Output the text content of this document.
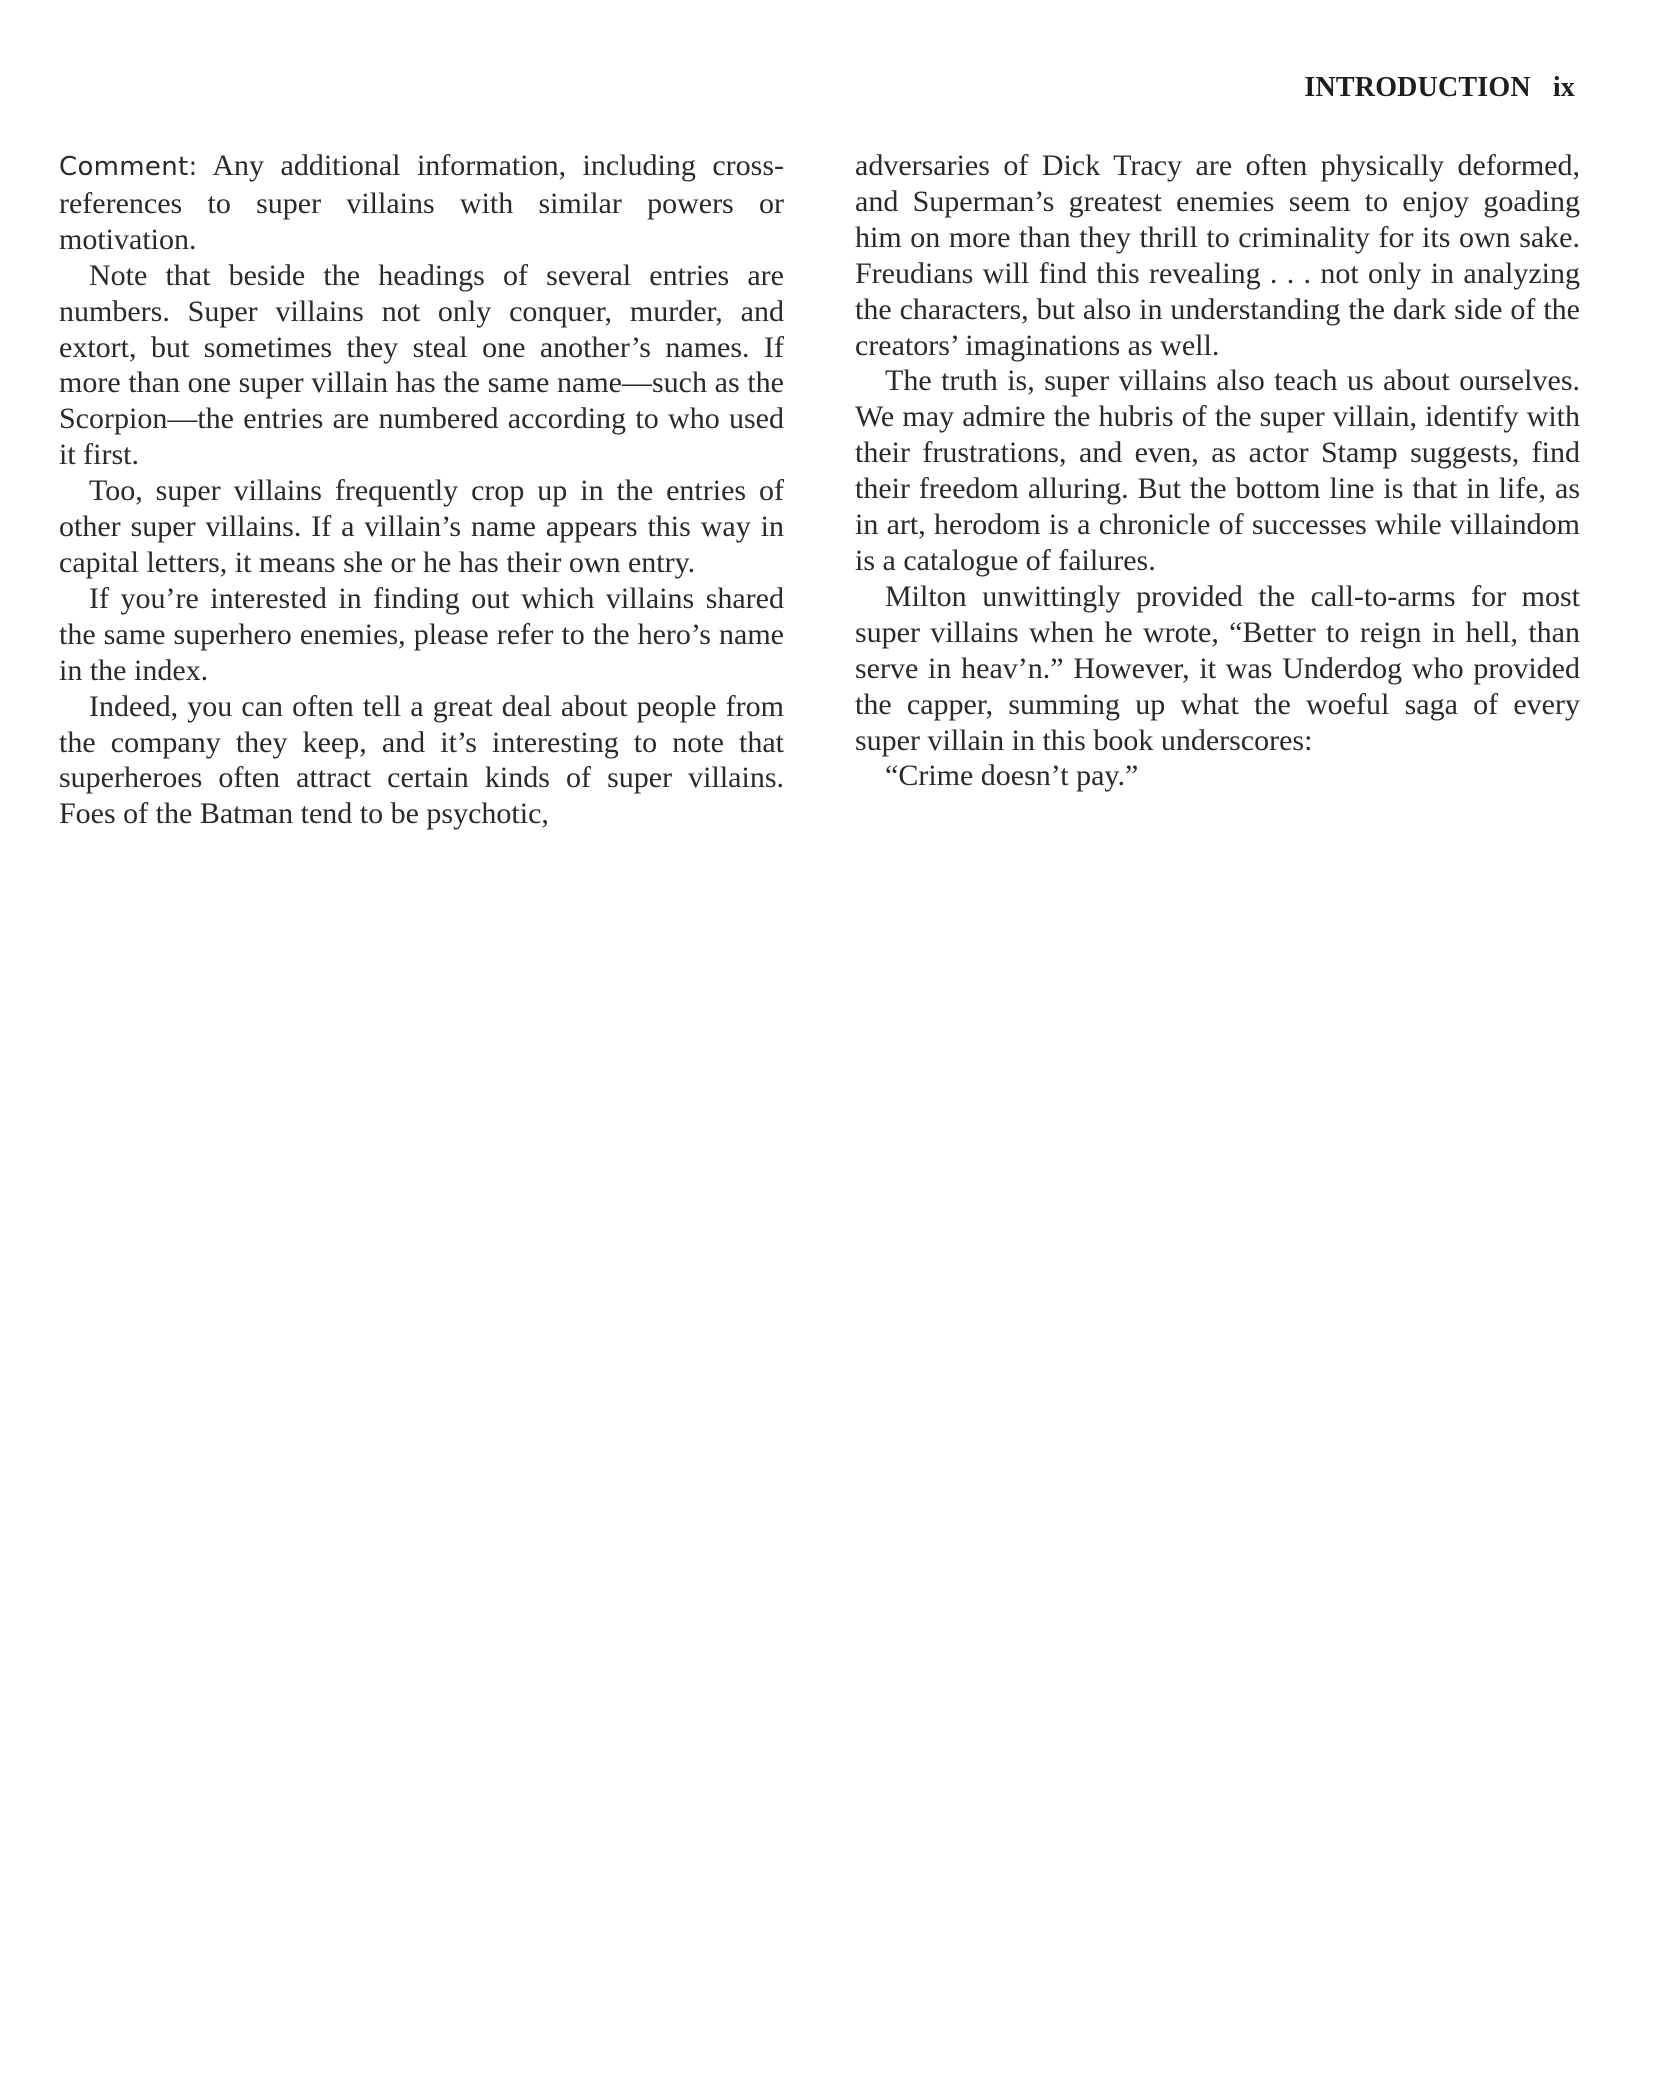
INTRODUCTION ix

Comment: Any additional information, including cross-references to super villains with similar powers or motivation.

Note that beside the headings of several entries are numbers. Super villains not only conquer, murder, and extort, but sometimes they steal one another’s names. If more than one super villain has the same name—such as the Scorpion—the entries are numbered according to who used it first.

Too, super villains frequently crop up in the entries of other super villains. If a villain’s name appears this way in capital letters, it means she or he has their own entry.

If you’re interested in finding out which villains shared the same superhero enemies, please refer to the hero’s name in the index.

Indeed, you can often tell a great deal about people from the company they keep, and it’s interesting to note that superheroes often attract certain kinds of super villains. Foes of the Batman tend to be psychotic,

adversaries of Dick Tracy are often physically deformed, and Superman’s greatest enemies seem to enjoy goading him on more than they thrill to criminality for its own sake. Freudians will find this revealing . . . not only in analyzing the characters, but also in understanding the dark side of the creators’ imaginations as well.

The truth is, super villains also teach us about ourselves. We may admire the hubris of the super villain, identify with their frustrations, and even, as actor Stamp suggests, find their freedom alluring. But the bottom line is that in life, as in art, herodom is a chronicle of successes while villaindom is a catalogue of failures.

Milton unwittingly provided the call-to-arms for most super villains when he wrote, “Better to reign in hell, than serve in heav’n.” However, it was Underdog who provided the capper, summing up what the woeful saga of every super villain in this book underscores:

“Crime doesn’t pay.”
